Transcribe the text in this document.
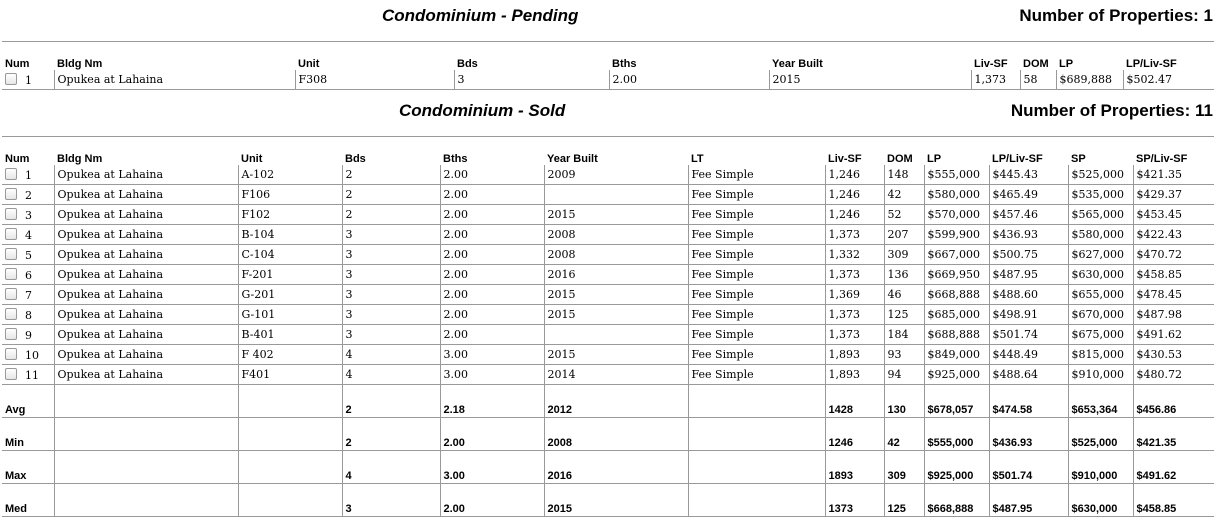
Condominium - Pending	Number of Properties: 1
Num	Bldg Nm	Unit	Bds	Bths	Year Built	Liv-SF	DOM	LP	LP/Liv-SF
1	Opukea at Lahaina	F308	3	2.00	2015	1,373	58	$689,888	$502.47
Condominium - Sold	Number of Properties: 11
Num	Bldg Nm	Unit	Bds	Bths	Year Built	LT	Liv-SF	DOM	LP	LP/Liv-SF	SP	SP/Liv-SF
1	Opukea at Lahaina	A-102	2	2.00	2009	Fee Simple	1,246	148	$555,000	$445.43	$525,000	$421.35
2	Opukea at Lahaina	F106	2	2.00		Fee Simple	1,246	42	$580,000	$465.49	$535,000	$429.37
3	Opukea at Lahaina	F102	2	2.00	2015	Fee Simple	1,246	52	$570,000	$457.46	$565,000	$453.45
4	Opukea at Lahaina	B-104	3	2.00	2008	Fee Simple	1,373	207	$599,900	$436.93	$580,000	$422.43
5	Opukea at Lahaina	C-104	3	2.00	2008	Fee Simple	1,332	309	$667,000	$500.75	$627,000	$470.72
6	Opukea at Lahaina	F-201	3	2.00	2016	Fee Simple	1,373	136	$669,950	$487.95	$630,000	$458.85
7	Opukea at Lahaina	G-201	3	2.00	2015	Fee Simple	1,369	46	$668,888	$488.60	$655,000	$478.45
8	Opukea at Lahaina	G-101	3	2.00	2015	Fee Simple	1,373	125	$685,000	$498.91	$670,000	$487.98
9	Opukea at Lahaina	B-401	3	2.00		Fee Simple	1,373	184	$688,888	$501.74	$675,000	$491.62
10	Opukea at Lahaina	F 402	4	3.00	2015	Fee Simple	1,893	93	$849,000	$448.49	$815,000	$430.53
11	Opukea at Lahaina	F401	4	3.00	2014	Fee Simple	1,893	94	$925,000	$488.64	$910,000	$480.72
Avg			2	2.18	2012		1428	130	$678,057	$474.58	$653,364	$456.86
Min			2	2.00	2008		1246	42	$555,000	$436.93	$525,000	$421.35
Max			4	3.00	2016		1893	309	$925,000	$501.74	$910,000	$491.62
Med			3	2.00	2015		1373	125	$668,888	$487.95	$630,000	$458.85
